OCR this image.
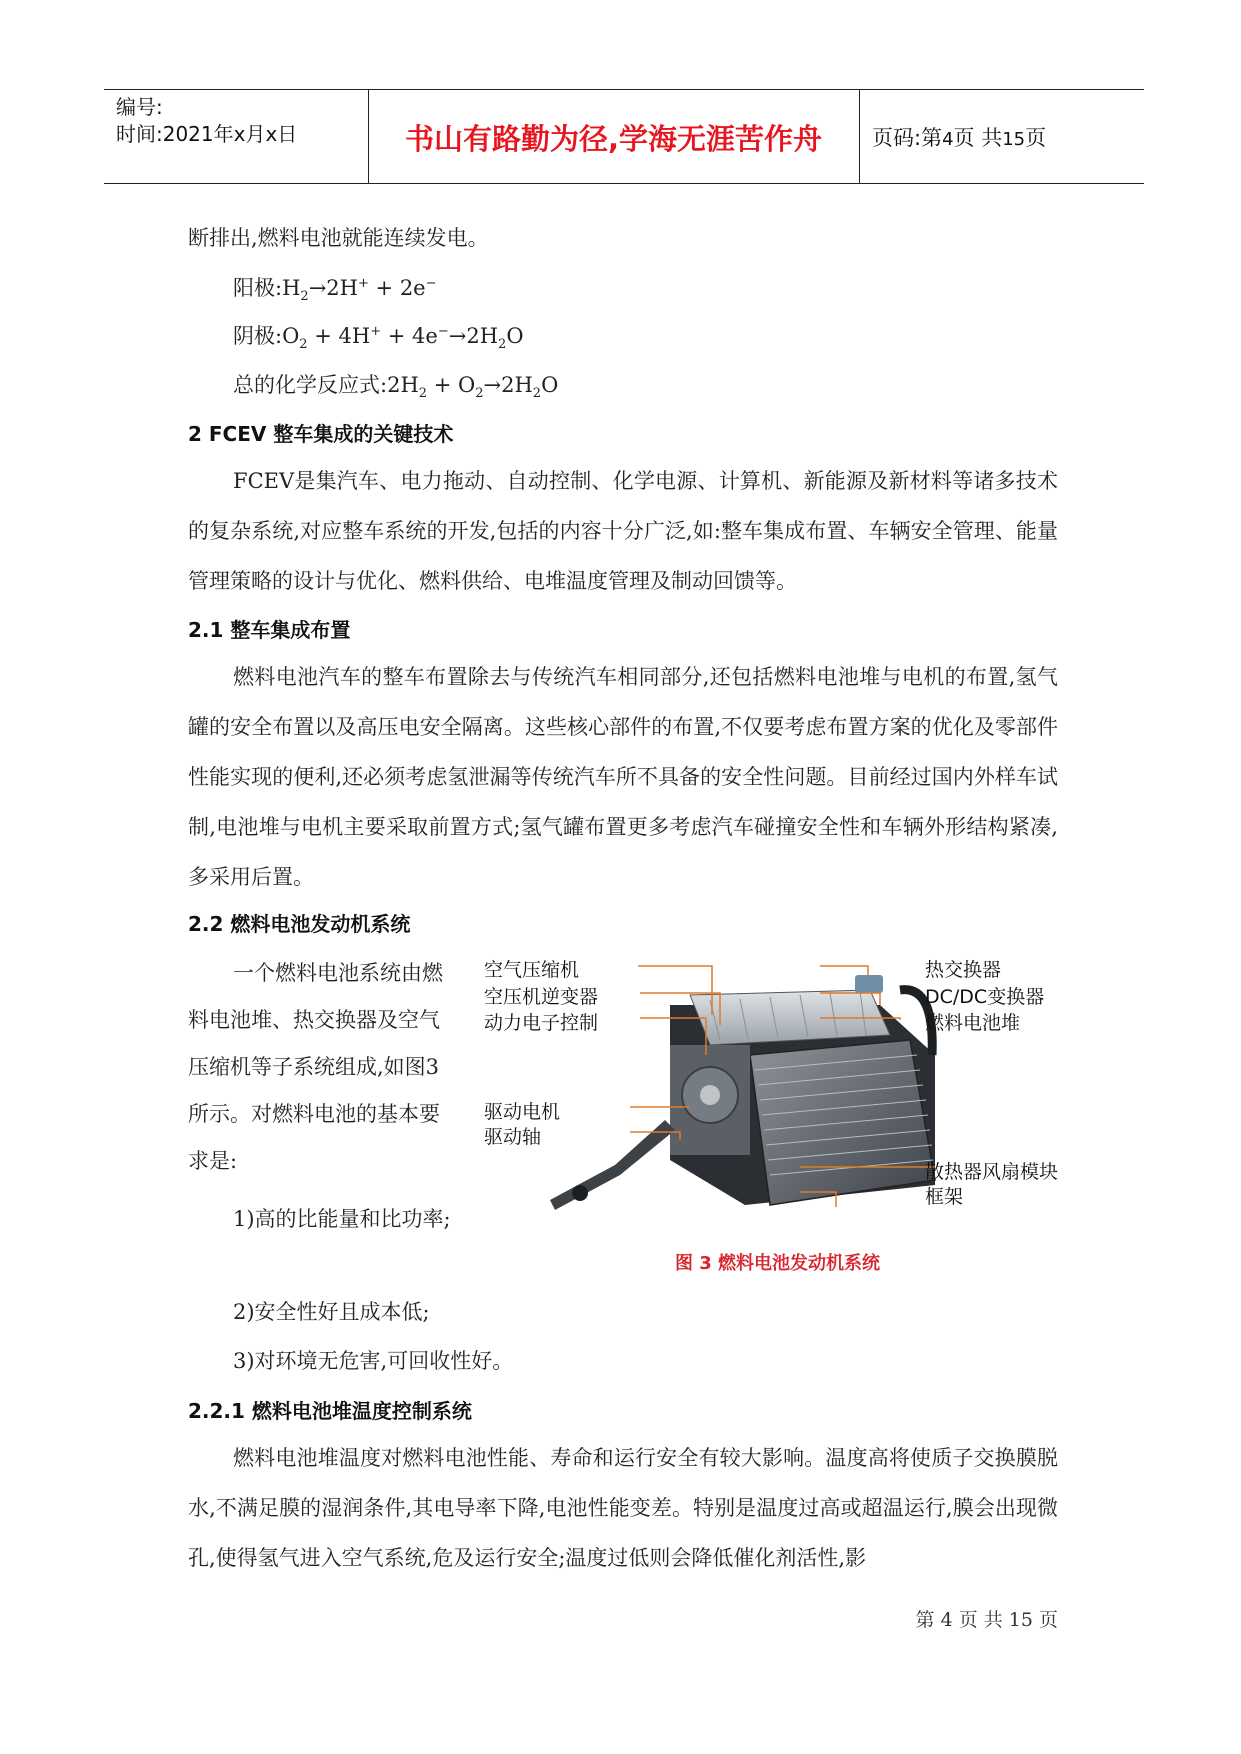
编号:
时间:2021年x月x日	书山有路勤为径,学海无涯苦作舟	页码:第4页 共15页
断排出,燃料电池就能连续发电。
阳极$:H_2\to 2H^+ + 2e^-$
阴极$:O_2 + 4H^+ + 4e^-\to 2H_2O$
总的化学反应式$:2H_2 + O_2\to 2H_2O$
2 FCEV 整车集成的关键技术
FCEV是集汽车、电力拖动、自动控制、化学电源、计算机、新能源及新材料等诸多技术的复杂系统,对应整车系统的开发,包括的内容十分广泛,如:整车集成布置、车辆安全管理、能量管理策略的设计与优化、燃料供给、电堆温度管理及制动回馈等。
2.1 整车集成布置
燃料电池汽车的整车布置除去与传统汽车相同部分,还包括燃料电池堆与电机的布置,氢气罐的安全布置以及高压电安全隔离。这些核心部件的布置,不仅要考虑布置方案的优化及零部件性能实现的便利,还必须考虑氢泄漏等传统汽车所不具备的安全性问题。目前经过国内外样车试制,电池堆与电机主要采取前置方式;氢气罐布置更多考虑汽车碰撞安全性和车辆外形结构紧凑,多采用后置。
2.2 燃料电池发动机系统
一个燃料电池系统由燃料电池堆、热交换器及空气压缩机等子系统组成,如图3 所示。对燃料电池的基本要求是:
1)高的比能量和比功率;
2)安全性好且成本低;
3)对环境无危害,可回收性好。
空气压缩机
空压机逆变器
动力电子控制
驱动电机
驱动轴
热交换器
DC/DC变换器
燃料电池堆
散热器风扇模块
框架
图 3 燃料电池发动机系统
2.2.1 燃料电池堆温度控制系统
燃料电池堆温度对燃料电池性能、寿命和运行安全有较大影响。温度高将使质子交换膜脱水,不满足膜的湿润条件,其电导率下降,电池性能变差。特别是温度过高或超温运行,膜会出现微孔,使得氢气进入空气系统,危及运行安全;温度过低则会降低催化剂活性,影
第 4 页 共 15 页
